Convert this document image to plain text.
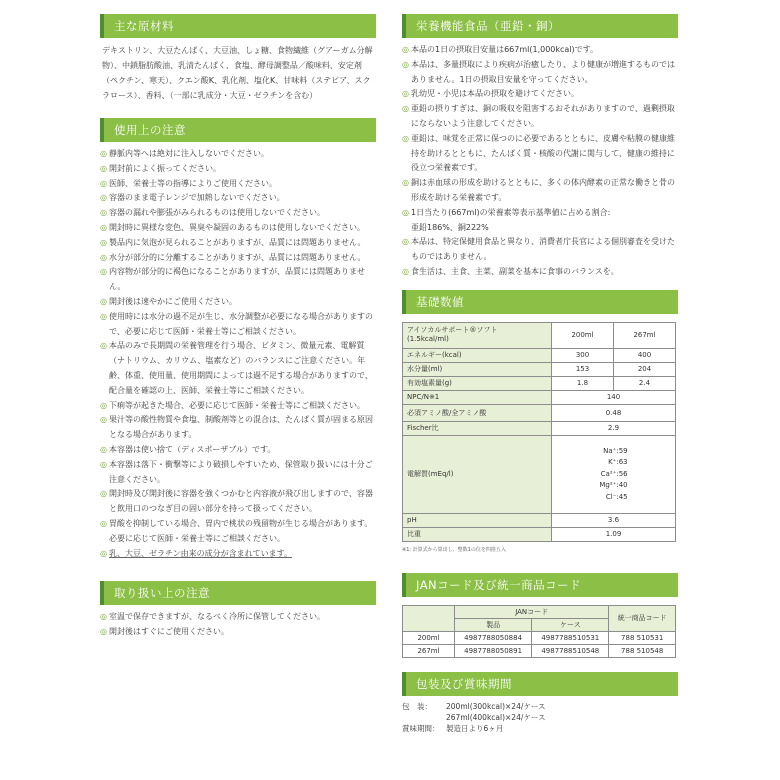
主な原材料

デキストリン、大豆たんぱく、大豆油、しょ糖、食物繊維（グアーガム分解物）、中鎖脂肪酸油、乳清たんぱく、食塩、酵母調整品／酸味料、安定剤（ペクチン、寒天）、クエン酸K、乳化剤、塩化K、甘味料（ステビア、スクラロース）、香料、（一部に乳成分・大豆・ゼラチンを含む）

使用上の注意
◎ 静脈内等へは絶対に注入しないでください。
◎ 開封前によく振ってください。
◎ 医師、栄養士等の指導によりご使用ください。
◎ 容器のまま電子レンジで加熱しないでください。
◎ 容器の漏れや膨張がみられるものは使用しないでください。
◎ 開封時に異様な変色、異臭や凝固のあるものは使用しないでください。
◎ 製品内に気泡が見られることがありますが、品質には問題ありません。
◎ 水分が部分的に分離することがありますが、品質には問題ありません。
◎ 内容物が部分的に褐色になることがありますが、品質には問題ありません。
◎ 開封後は速やかにご使用ください。
◎ 使用時には水分の過不足が生じ、水分調整が必要になる場合がありますので、必要に応じて医師・栄養士等にご相談ください。
◎ 本品のみで長期間の栄養管理を行う場合、ビタミン、微量元素、電解質（ナトリウム、カリウム、塩素など）のバランスにご注意ください。年齢、体重、使用量、使用期間によっては過不足する場合がありますので、配合量を確認の上、医師、栄養士等にご相談ください。
◎ 下痢等が起きた場合、必要に応じて医師・栄養士等にご相談ください。
◎ 果汁等の酸性物質や食塩、制酸剤等との混合は、たんぱく質が固まる原因となる場合があります。
◎ 本容器は使い捨て（ディスポーザブル）です。
◎ 本容器は落下・衝撃等により破損しやすいため、保管取り扱いには十分ご注意ください。
◎ 開封時及び開封後に容器を強くつかむと内容液が飛び出しますので、容器と飲用口のつなぎ目の固い部分を持って扱ってください。
◎ 胃酸を抑制している場合、胃内で桃状の残留物が生じる場合があります。必要に応じて医師・栄養士等にご相談ください。
◎ 乳、大豆、ゼラチン由来の成分が含まれています。
取り扱い上の注意
◎ 室温で保存できますが、なるべく冷所に保管してください。
◎ 開封後はすぐにご使用ください。
栄養機能食品（亜鉛・銅）
◎ 本品の1日の摂取目安量は667ml(1,000kcal)です。
◎ 本品は、多量摂取により疾病が治癒したり、より健康が増進するものではありません。1日の摂取目安量を守ってください。
◎ 乳幼児・小児は本品の摂取を避けてください。
◎ 亜鉛の摂りすぎは、銅の吸収を阻害するおそれがありますので、過剰摂取にならないよう注意してください。
◎ 亜鉛は、味覚を正常に保つのに必要であるとともに、皮膚や粘膜の健康維持を助けるとともに、たんぱく質・核酸の代謝に関与して、健康の維持に役立つ栄養素です。
◎ 銅は赤血球の形成を助けるとともに、多くの体内酵素の正常な働きと骨の形成を助ける栄養素です。
◎ 1日当たり(667ml)の栄養素等表示基準値に占める割合:
亜鉛186%、銅222%
◎ 本品は、特定保健用食品と異なり、消費者庁長官による個別審査を受けたものではありません。
◎ 食生活は、主食、主菜、副菜を基本に食事のバランスを。
基礎数値
アイソカルサポート®ソフト
(1.5kcal/ml)	200ml	267ml
エネルギー(kcal)	300	400
水分量(ml)	153	204
有効塩素量(g)	1.8	2.4
NPC/N※1	140	
必須アミノ酸/全アミノ酸	0.48	
Fischer比	2.9	
電解質(mEq/l)	Na⁺:59
K⁺:63
Ca²⁺:56
Mg²⁺:40
Cl⁻:45	

pH	3.6	
比重	1.09	
※1: 計算式から算出し、整数1の位を四捨五入
JANコード及び統一商品コード
	JANコード		統一商品コード
	製品	ケース	
200ml	4987788050884	4987788510531	788 510531
267ml	4987788050891	4987788510548	788 510548
包装及び賞味期間
包　装：	200ml(300kcal)×24/ケース
267ml(400kcal)×24/ケース
賞味期間： 製造日より6ヶ月
